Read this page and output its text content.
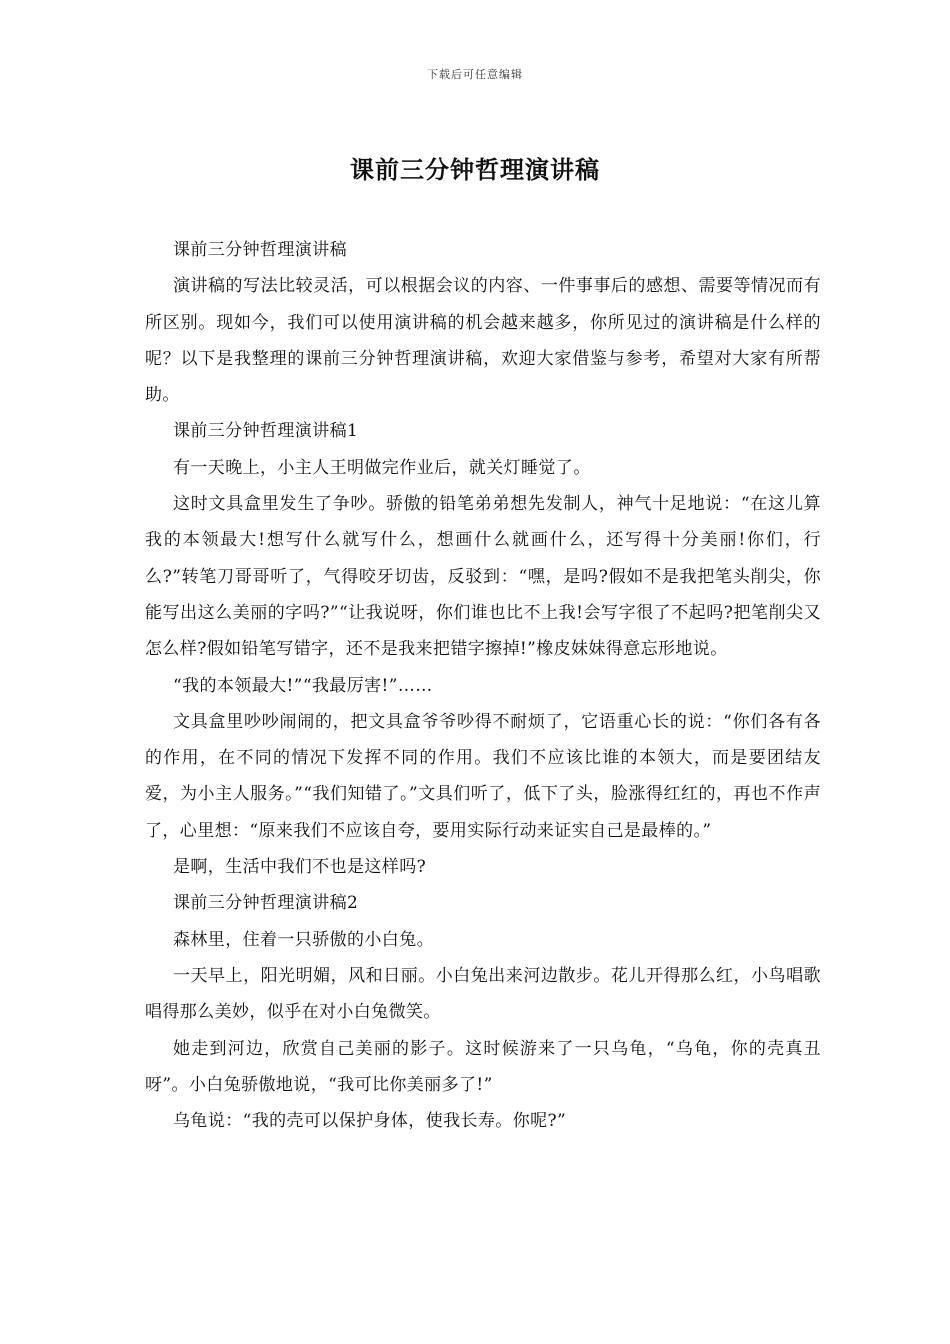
下载后可任意编辑
课前三分钟哲理演讲稿

课前三分钟哲理演讲稿

演讲稿的写法比较灵活，可以根据会议的内容、一件事事后的感想、需要等情况而有所区别。现如今，我们可以使用演讲稿的机会越来越多，你所见过的演讲稿是什么样的呢？以下是我整理的课前三分钟哲理演讲稿，欢迎大家借鉴与参考，希望对大家有所帮助。

课前三分钟哲理演讲稿1

有一天晚上，小主人王明做完作业后，就关灯睡觉了。

这时文具盒里发生了争吵。骄傲的铅笔弟弟想先发制人，神气十足地说：“在这儿算我的本领最大!想写什么就写什么，想画什么就画什么，还写得十分美丽!你们，行么?”转笔刀哥哥听了，气得咬牙切齿，反驳到：“嘿，是吗?假如不是我把笔头削尖，你能写出这么美丽的字吗?”“让我说呀，你们谁也比不上我!会写字很了不起吗?把笔削尖又怎么样?假如铅笔写错字，还不是我来把错字擦掉!”橡皮妹妹得意忘形地说。

“我的本领最大!”“我最厉害!”……

文具盒里吵吵闹闹的，把文具盒爷爷吵得不耐烦了，它语重心长的说：“你们各有各的作用，在不同的情况下发挥不同的作用。我们不应该比谁的本领大，而是要团结友爱，为小主人服务。”“我们知错了。”文具们听了，低下了头，脸涨得红红的，再也不作声了，心里想：“原来我们不应该自夸，要用实际行动来证实自己是最棒的。”

是啊，生活中我们不也是这样吗?

课前三分钟哲理演讲稿2

森林里，住着一只骄傲的小白兔。

一天早上，阳光明媚，风和日丽。小白兔出来河边散步。花儿开得那么红，小鸟唱歌唱得那么美妙，似乎在对小白兔微笑。

她走到河边，欣赏自己美丽的影子。这时候游来了一只乌龟，“乌龟，你的壳真丑呀”。小白兔骄傲地说，“我可比你美丽多了!”

乌龟说：“我的壳可以保护身体，使我长寿。你呢?”
